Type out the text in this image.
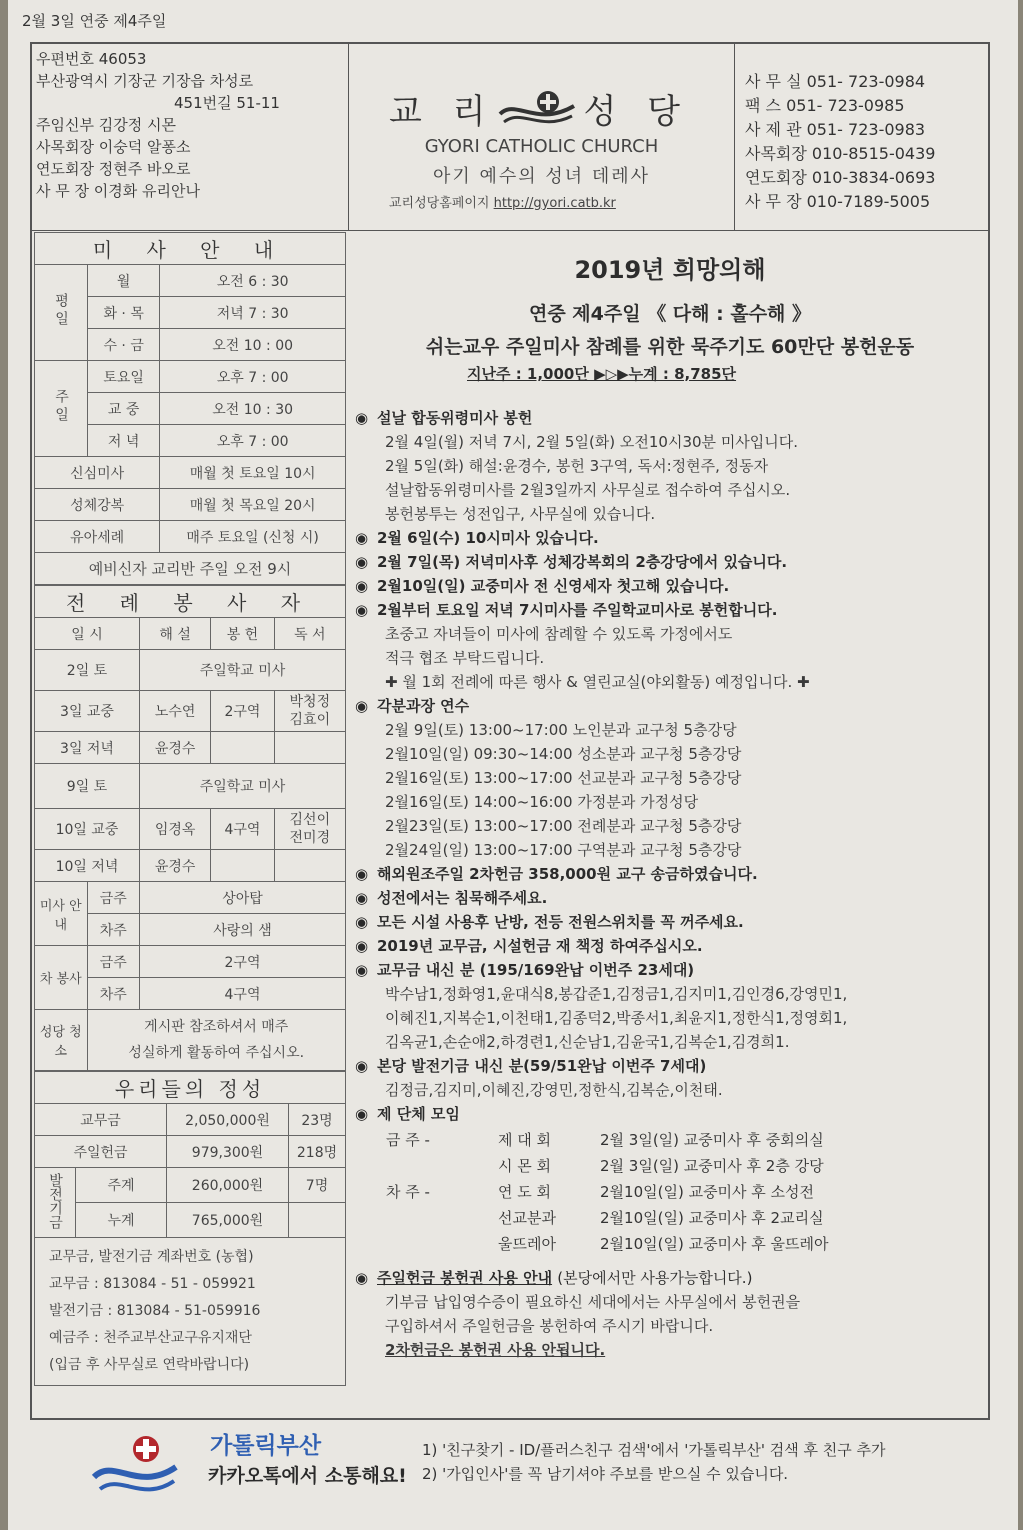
2월 3일 연중 제4주일
우편번호 46053
부산광역시 기장군 기장읍 차성로
451번길 51-11
주임신부 김강정 시몬
사목회장 이숭덕 알퐁소
연도회장 정현주 바오로
사 무 장 이경화 유리안나
교 리	성 당
GYORI CATHOLIC CHURCH
아기 예수의 성녀 데레사
교리성당홈페이지 http://gyori.catb.kr
사 무 실 051- 723-0984
팩 스 051- 723-0985
사 제 관 051- 723-0983
사목회장 010-8515-0439
연도회장 010-3834-0693
사 무 장 010-7189-5005
미 사 안 내		
평일	월	오전 6 : 30
	화 · 목	저녁 7 : 30
	수 · 금	오전 10 : 00
주일	토요일	오후 7 : 00
	교 중	오전 10 : 30
	저 녁	오후 7 : 00
신심미사		매월 첫 토요일 10시
성체강복		매월 첫 목요일 20시
유아세례		매주 토요일 (신청 시)
예비신자 교리반 주일 오전 9시		
전 례 봉 사 자				
일 시		해 설	봉 헌	독 서
2일 토		주일학교 미사		
3일 교중		노수연	2구역	박청정
김효이
3일 저녁		윤경수		
9일 토		주일학교 미사		
10일 교중		임경옥	4구역	김선이
전미경
10일 저녁		윤경수		
미사 안내	금주	상아탑		
	차주	사랑의 샘		
차 봉사	금주	2구역		
	차주	4구역		
성당 청소	게시판 참조하셔서 매주
성실하게 활동하여 주십시오.			
우리들의 정성			
교무금		2,050,000원	23명
주일헌금		979,300원	218명
발전기금	주계	260,000원	7명
	누계	765,000원	

교무금, 발전기금 계좌번호 (농협)
교무금 : 813084 - 51 - 059921
발전기금 : 813084 - 51-059916
예금주 : 천주교부산교구유지재단
(입금 후 사무실로 연락바랍니다)			
2019년 희망의해
연중 제4주일 《 다해 : 홀수해 》
쉬는교우 주일미사 참례를 위한 묵주기도 60만단 봉헌운동
지난주 : 1,000단 ▶▷▶누계 : 8,785단
◉ 설날 합동위령미사 봉헌
2월 4일(월) 저녁 7시, 2월 5일(화) 오전10시30분 미사입니다.
2월 5일(화) 해설:윤경수, 봉헌 3구역, 독서:정현주, 정동자
설날합동위령미사를 2월3일까지 사무실로 접수하여 주십시오.
봉헌봉투는 성전입구, 사무실에 있습니다.
◉ 2월 6일(수) 10시미사 있습니다.
◉ 2월 7일(목) 저녁미사후 성체강복회의 2층강당에서 있습니다.
◉ 2월10일(일) 교중미사 전 신영세자 첫고해 있습니다.
◉ 2월부터 토요일 저녁 7시미사를 주일학교미사로 봉헌합니다.
초중고 자녀들이 미사에 참례할 수 있도록 가정에서도
적극 협조 부탁드립니다.
✚ 월 1회 전례에 따른 행사 & 열린교실(야외활동) 예정입니다. ✚
◉ 각분과장 연수
2월 9일(토) 13:00~17:00 노인분과 교구청 5층강당
2월10일(일) 09:30~14:00 성소분과 교구청 5층강당
2월16일(토) 13:00~17:00 선교분과 교구청 5층강당
2월16일(토) 14:00~16:00 가정분과 가정성당
2월23일(토) 13:00~17:00 전례분과 교구청 5층강당
2월24일(일) 13:00~17:00 구역분과 교구청 5층강당
◉ 해외원조주일 2차헌금 358,000원 교구 송금하였습니다.
◉ 성전에서는 침묵해주세요.
◉ 모든 시설 사용후 난방, 전등 전원스위치를 꼭 꺼주세요.
◉ 2019년 교무금, 시설헌금 재 책정 하여주십시오.
◉ 교무금 내신 분 (195/169완납 이번주 23세대)
박수남1,정화영1,윤대식8,봉갑준1,김정금1,김지미1,김인경6,강영민1,
이혜진1,지복순1,이천태1,김종덕2,박종서1,최윤지1,정한식1,정영회1,
김옥균1,손순애2,하경련1,신순남1,김윤국1,김복순1,김경희1.
◉ 본당 발전기금 내신 분(59/51완납 이번주 7세대)
김정금,김지미,이혜진,강영민,정한식,김복순,이천태.
◉ 제 단체 모임
금 주 -	제 대 회	2월 3일(일) 교중미사 후 중회의실
	시 몬 회	2월 3일(일) 교중미사 후 2층 강당
차 주 -	연 도 회	2월10일(일) 교중미사 후 소성전
	선교분과	2월10일(일) 교중미사 후 2교리실
	울뜨레아	2월10일(일) 교중미사 후 울뜨레아
◉ 주일헌금 봉헌권 사용 안내 (본당에서만 사용가능합니다.)
기부금 납입영수증이 필요하신 세대에서는 사무실에서 봉헌권을
구입하셔서 주일헌금을 봉헌하여 주시기 바랍니다.
2차헌금은 봉헌권 사용 안됩니다.
가톨릭부산
카카오톡에서 소통해요!
1) '친구찾기 - ID/플러스친구 검색'에서 '가톨릭부산' 검색 후 친구 추가
2) '가입인사'를 꼭 남기셔야 주보를 받으실 수 있습니다.
